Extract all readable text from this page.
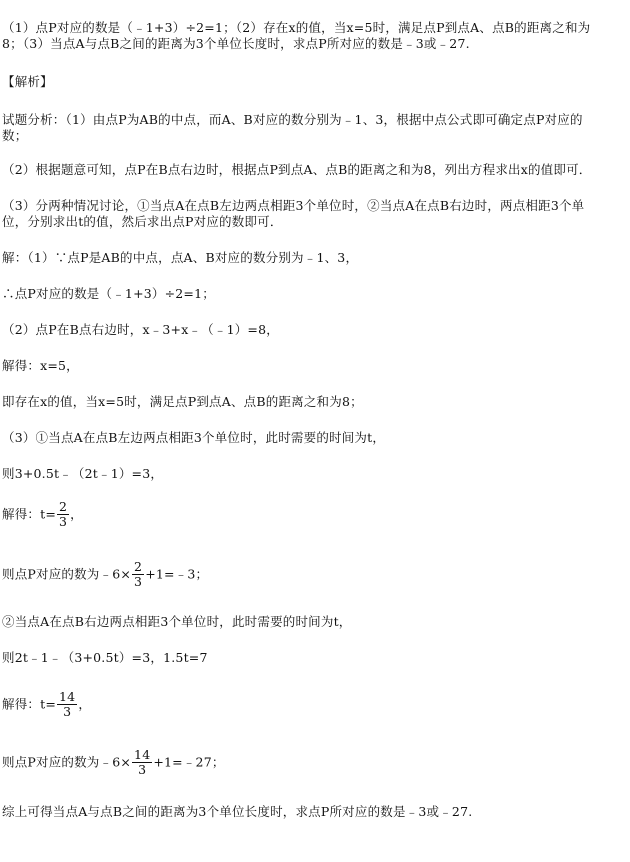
（1）点P对应的数是（﹣1+3）÷2=1；（2）存在x的值，当x=5时，满足点P到点A、点B的距离之和为
8；（3）当点A与点B之间的距离为3个单位长度时，求点P所对应的数是﹣3或﹣27.
【解析】
试题分析：（1）由点P为AB的中点，而A、B对应的数分别为﹣1、3，根据中点公式即可确定点P对应的
数；
（2）根据题意可知，点P在B点右边时，根据点P到点A、点B的距离之和为8，列出方程求出x的值即可．
（3）分两种情况讨论，①当点A在点B左边两点相距3个单位时，②当点A在点B右边时，两点相距3个单
位，分别求出t的值，然后求出点P对应的数即可．
解：（1）∵点P是AB的中点，点A、B对应的数分别为﹣1、3，
∴点P对应的数是（﹣1+3）÷2=1；
（2）点P在B点右边时，x﹣3+x﹣（﹣1）=8，
解得：x=5，
即存在x的值，当x=5时，满足点P到点A、点B的距离之和为8；
（3）①当点A在点B左边两点相距3个单位时，此时需要的时间为t，
则3+0.5t﹣（2t﹣1）=3，
解得：$t= \frac{2}{3}$ ，
则点P对应的数为﹣6× $\frac{2}{3}$ +1=﹣3；
②当点A在点B右边两点相距3个单位时，此时需要的时间为t，
则2t﹣1﹣（3+0.5t）=3，1.5t=7
解得：$t= \frac{14}{3}$ ，
则点P对应的数为﹣6× $\frac{14}{3}$ +1=﹣27；
综上可得当点A与点B之间的距离为3个单位长度时，求点P所对应的数是﹣3或﹣27.
